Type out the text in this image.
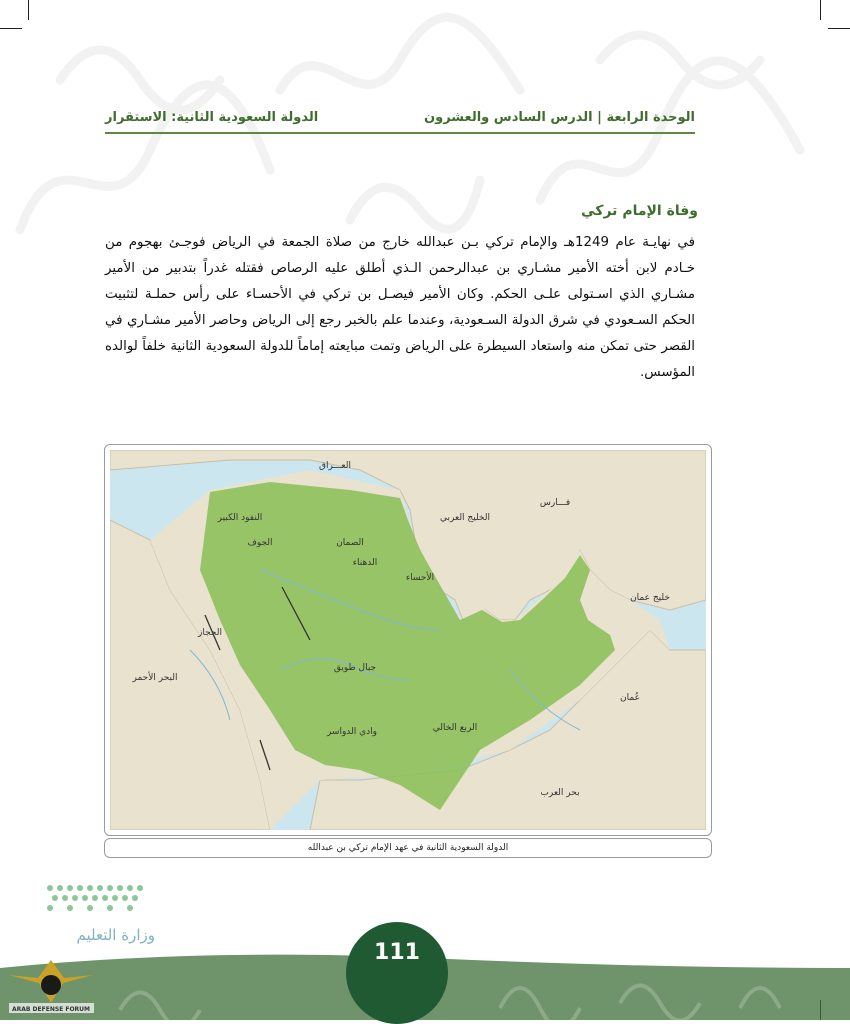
الوحدة الرابعة | الدرس السادس والعشرون
الدولة السعودية الثانية: الاستقرار
وفاة الإمام تركي
في نهايـة عام 1249هـ والإمام تركي بـن عبدالله خارج من صلاة الجمعة في الرياض فوجـئ بهجوم من خـادم لابن أخته الأمير مشـاري بن عبدالرحمن الـذي أطلق عليه الرصاص فقتله غدراً بتدبير من الأمير مشـاري الذي اسـتولى علـى الحكم. وكان الأمير فيصـل بن تركي في الأحسـاء على رأس حملـة لتثبيت الحكم السـعودي في شرق الدولة السـعودية، وعندما علم بالخبر رجع إلى الرياض وحاصر الأمير مشـاري في القصر حتى تمكن منه واستعاد السيطرة على الرياض وتمت مبايعته إماماً للدولة السعودية الثانية خلفاً لوالده المؤسس.
العـــراق
فـــارس
خليج عمان
وادي الدواسر
عُمان
الربع الخالي
الخليج العربي
البحر الأحمر
النفود الكبير
الدهناء
الصمان
الأحساء
جبال طويق
الحجاز
بحر العرب
الجوف
الدولة السعودية الثانية في عهد الإمام تركي بن عبدالله
وزارة التعليم
111
ARAB DEFENSE FORUM
